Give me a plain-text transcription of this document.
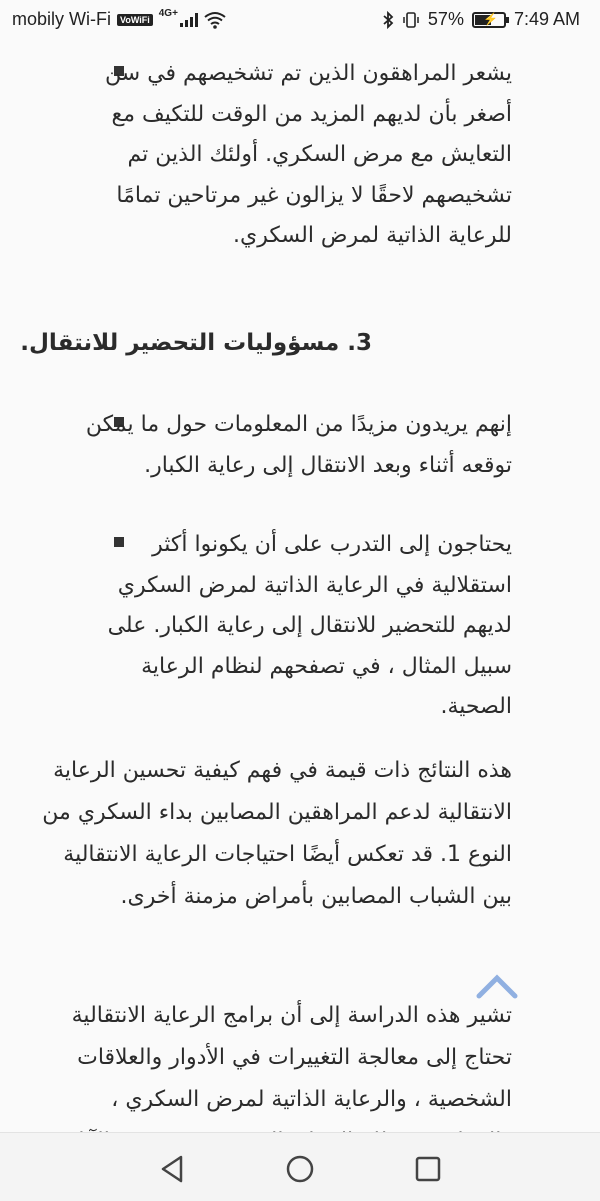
mobily Wi-Fi	VoWiFi
4G+	57% ⚡ 7:49 AM
يشعر المراهقون الذين تم تشخيصهم في سن أصغر بأن لديهم المزيد من الوقت للتكيف مع التعايش مع مرض السكري. أولئك الذين تم تشخيصهم لاحقًا لا يزالون غير مرتاحين تمامًا للرعاية الذاتية لمرض السكري.
3. مسؤوليات التحضير للانتقال.
إنهم يريدون مزيدًا من المعلومات حول ما يمكن توقعه أثناء وبعد الانتقال إلى رعاية الكبار.
يحتاجون إلى التدرب على أن يكونوا أكثر استقلالية في الرعاية الذاتية لمرض السكري لديهم للتحضير للانتقال إلى رعاية الكبار. على سبيل المثال ، في تصفحهم لنظام الرعاية الصحية.
هذه النتائج ذات قيمة في فهم كيفية تحسين الرعاية الانتقالية لدعم المراهقين المصابين بداء السكري من النوع 1. قد تعكس أيضًا احتياجات الرعاية الانتقالية بين الشباب المصابين بأمراض مزمنة أخرى.
تشير هذه الدراسة إلى أن برامج الرعاية الانتقالية تحتاج إلى معالجة التغييرات في الأدوار والعلاقات الشخصية ، والرعاية الذاتية لمرض السكري ،
